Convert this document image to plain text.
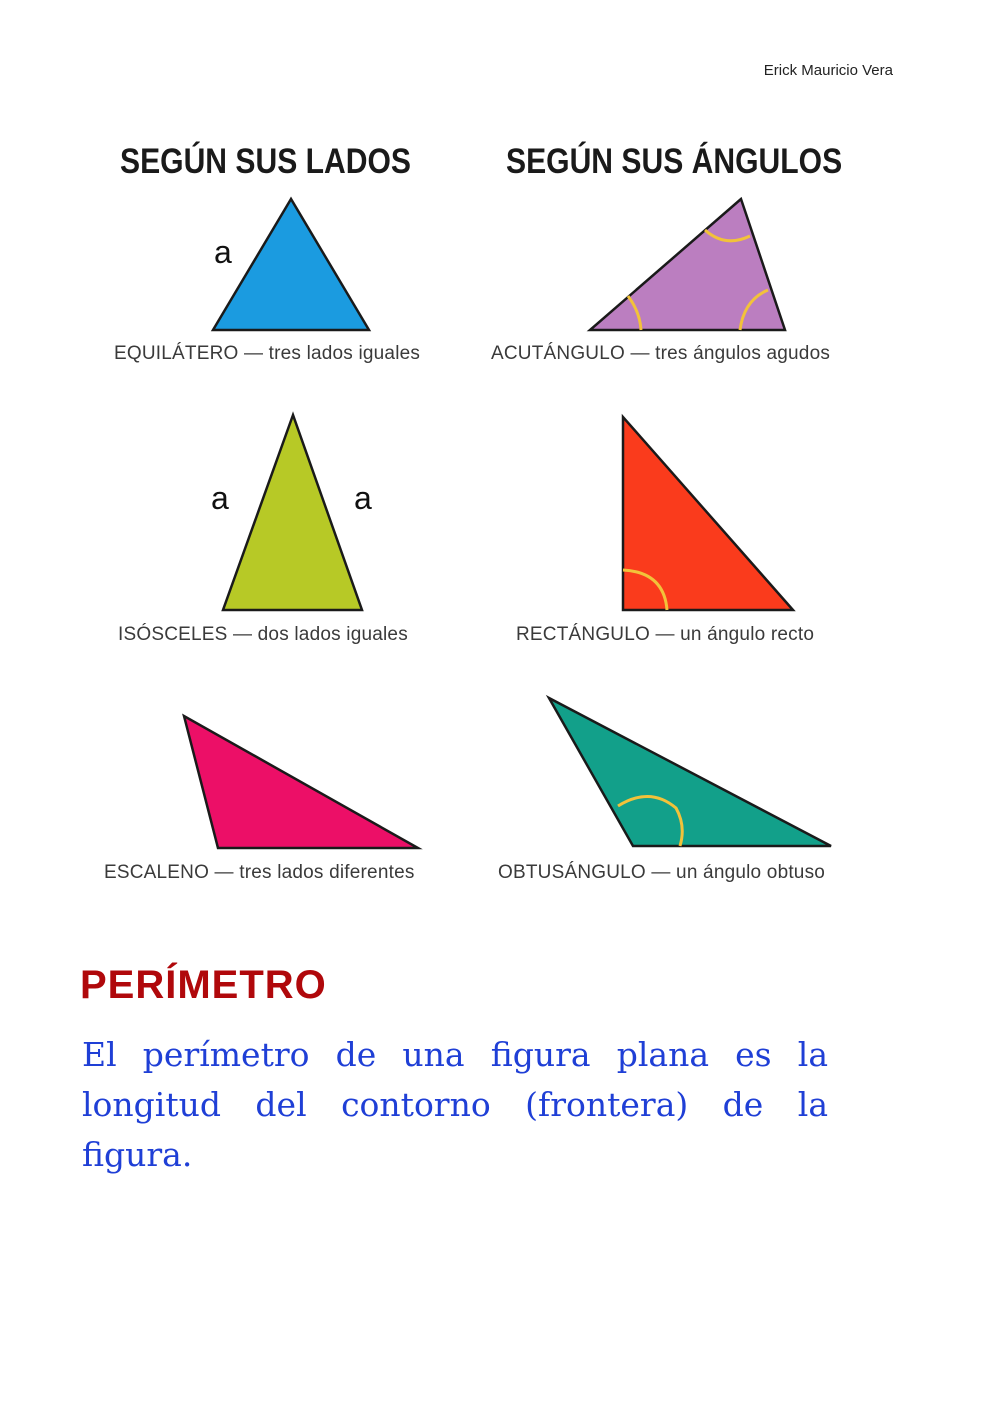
Erick Mauricio Vera
SEGÚN SUS LADOS	SEGÚN SUS ÁNGULOS
a
a	a
EQUILÁTERO — tres lados iguales	ACUTÁNGULO — tres ángulos agudos
ISÓSCELES — dos lados iguales	RECTÁNGULO — un ángulo recto
ESCALENO — tres lados diferentes	OBTUSÁNGULO — un ángulo obtuso
PERÍMETRO

El perímetro de una figura plana es la longitud del contorno (frontera) de la figura.
